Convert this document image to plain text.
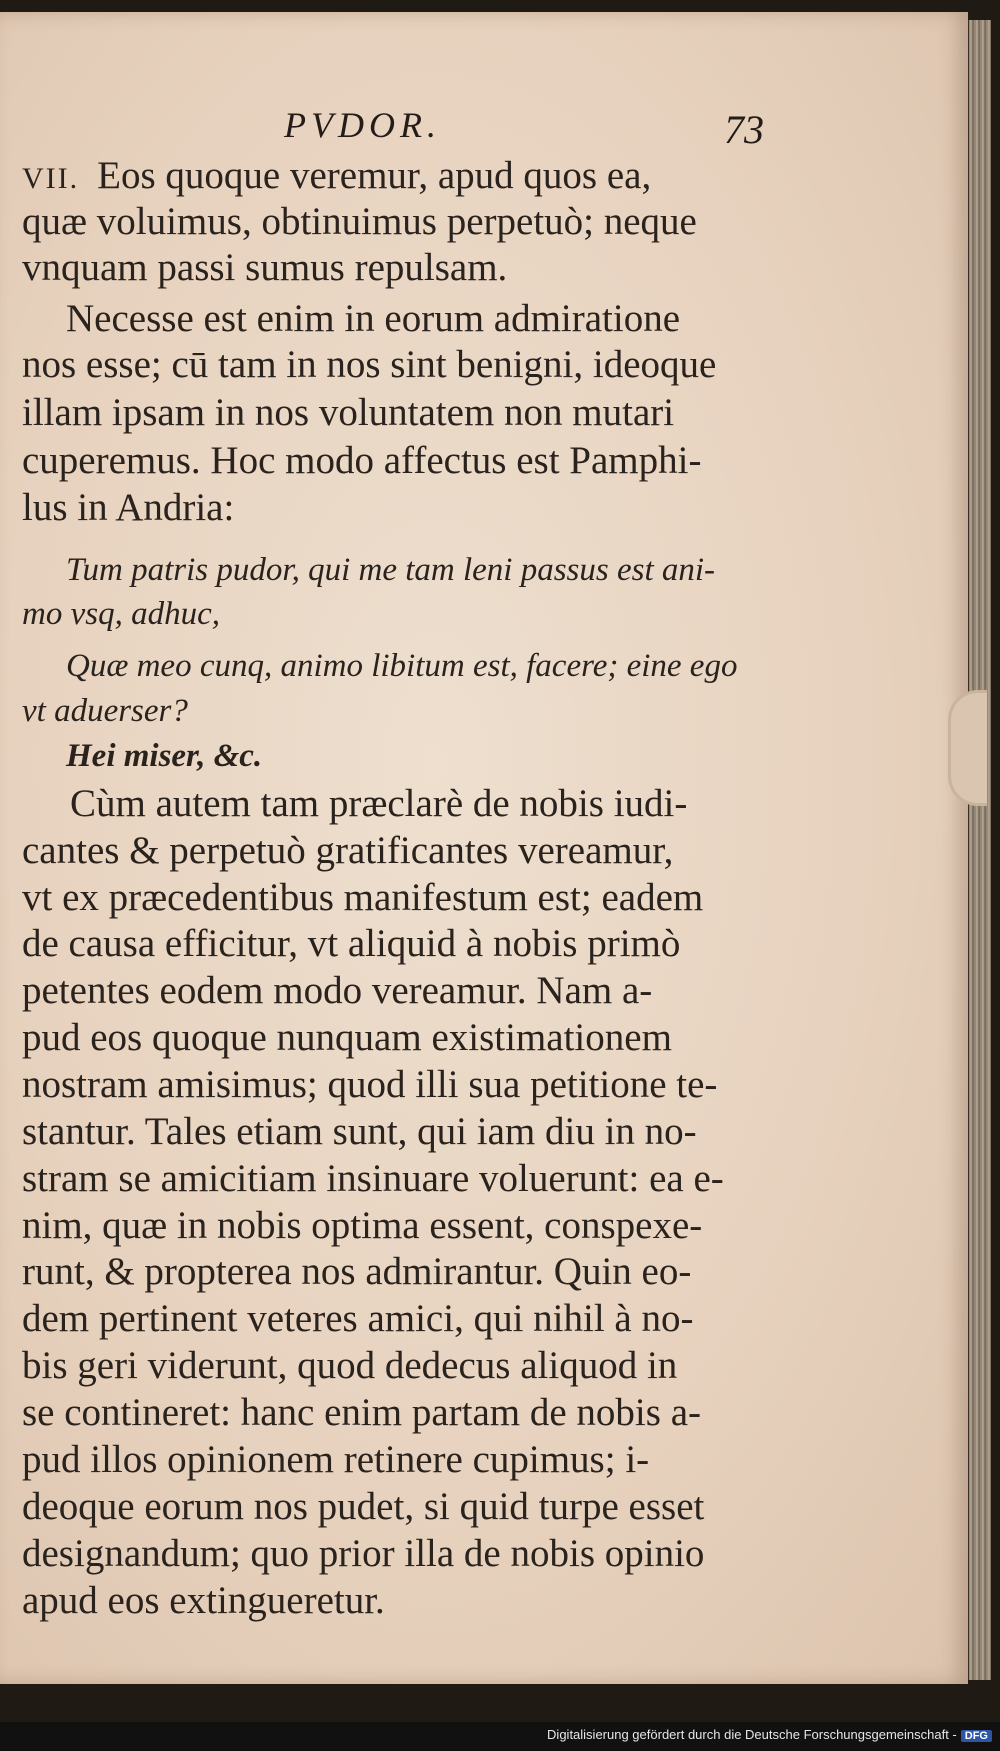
PVDOR.	73
VII. Eos quoque veremur, apud quos ea,
quæ voluimus, obtinuimus perpetuò; neque
vnquam passi sumus repulsam.
Necesse est enim in eorum admiratione
nos esse; cū tam in nos sint benigni, ideoque
illam ipsam in nos voluntatem non mutari
cuperemus. Hoc modo affectus est Pamphi-
lus in Andria:
Tum patris pudor, qui me tam leni passus est ani-
mo vsq, adhuc,
Quæ meo cunq, animo libitum est, facere; eine ego
vt aduerser?
Hei miser, &c.
Cùm autem tam præclarè de nobis iudi-
cantes & perpetuò gratificantes vereamur,
vt ex præcedentibus manifestum est; eadem
de causa efficitur, vt aliquid à nobis primò
petentes eodem modo vereamur. Nam a-
pud eos quoque nunquam existimationem
nostram amisimus; quod illi sua petitione te-
stantur. Tales etiam sunt, qui iam diu in no-
stram se amicitiam insinuare voluerunt: ea e-
nim, quæ in nobis optima essent, conspexe-
runt, & propterea nos admirantur. Quin eo-
dem pertinent veteres amici, qui nihil à no-
bis geri viderunt, quod dedecus aliquod in
se contineret: hanc enim partam de nobis a-
pud illos opinionem retinere cupimus; i-
deoque eorum nos pudet, si quid turpe esset
designandum; quo prior illa de nobis opinio
apud eos extingueretur.
Digitalisierung gefördert durch die Deutsche Forschungsgemeinschaft - DFG
